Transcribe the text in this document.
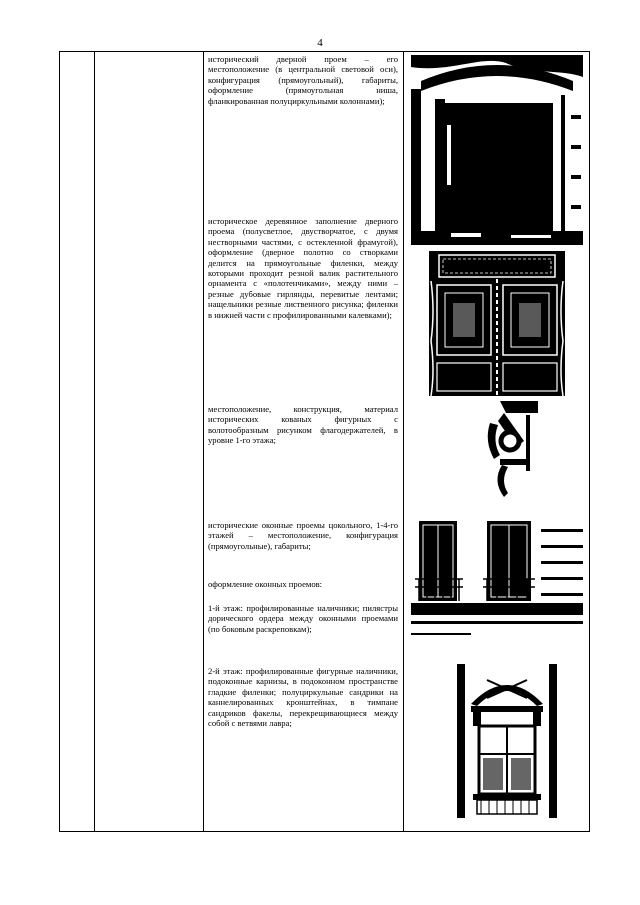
4

исторический дверной проем – его местоположение (в центральной световой оси), конфигурация (прямоугольный), габариты, оформление (прямоугольная ниша, фланкированная полуциркульными колоннами);

историческое деревянное заполнение дверного проема (полусветлое, двустворчатое, с двумя нестворными частями, с остекленной фрамугой), оформление (дверное полотно со створками делится на прямоугольные филенки, между которыми проходит резной валик растительного орнамента с «полотенчиками», между ними – резные дубовые гирлянды, перевитые лентами; нащельники резные лиственного рисунка; филенки в нижней части с профилированными калевками);

местоположение, конструкция, материал исторических кованых фигурных с волотообразным рисунком флагодержателей, в уровне 1-го этажа;

исторические оконные проемы цокольного, 1-4-го этажей – местоположение, конфигурация (прямоугольные), габариты;

оформление оконных проемов:

1-й этаж: профилированные наличники; пилястры дорического ордера между оконными проемами (по боковым раскреповкам);

2-й этаж: профилированные фигурные наличники, подоконные карнизы, в подоконном пространстве гладкие филенки; полуциркульные сандрики на каннелированных кронштейнах, в тимпане сандриков факелы, перекрещивающиеся между собой с ветвями лавра;
